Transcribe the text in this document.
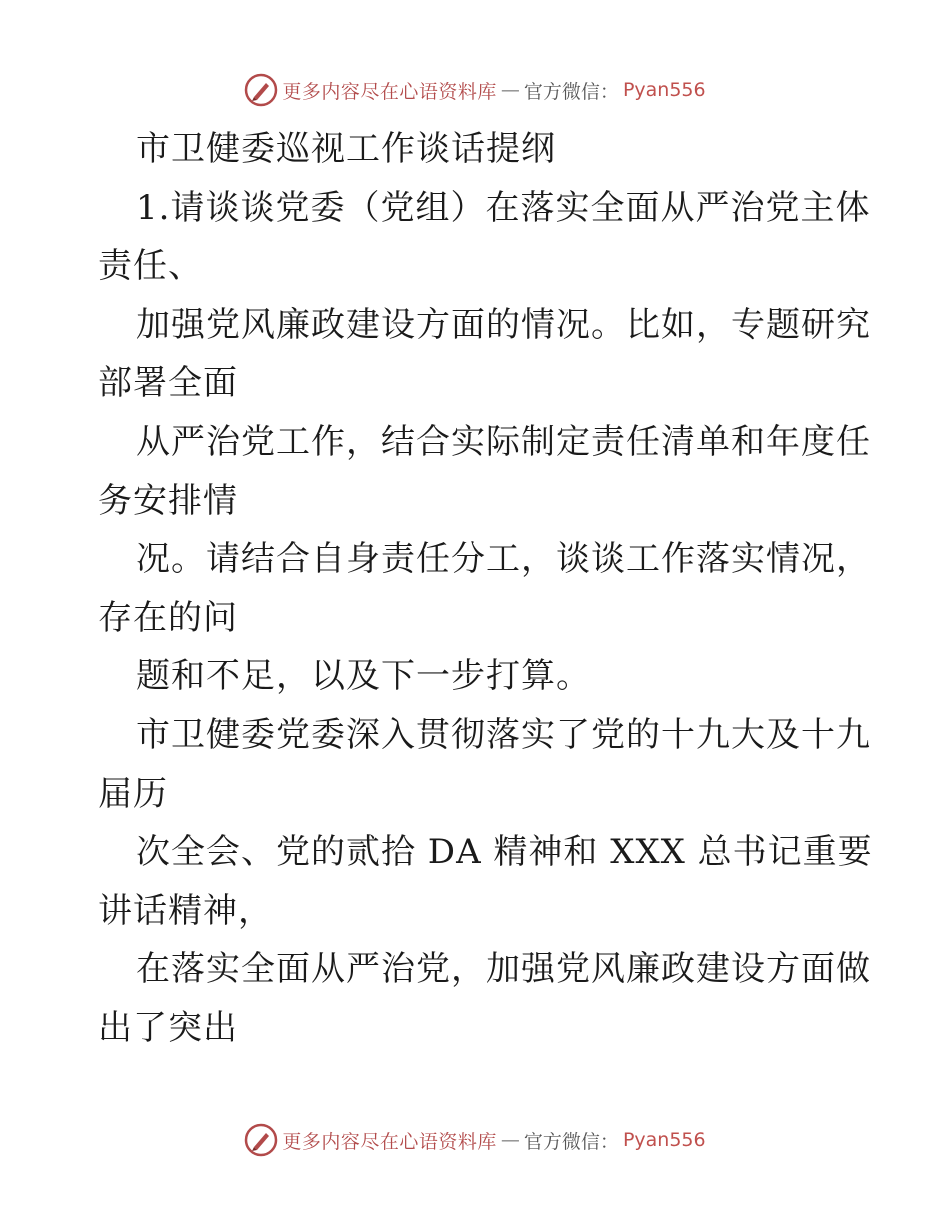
更多内容尽在心语资料库 — 官方微信： Pyan556
市卫健委巡视工作谈话提纲
1.请谈谈党委（党组）在落实全面从严治党主体
责任、
加强党风廉政建设方面的情况。比如，专题研究
部署全面
从严治党工作，结合实际制定责任清单和年度任
务安排情
况。请结合自身责任分工，谈谈工作落实情况，
存在的问
题和不足，以及下一步打算。
市卫健委党委深入贯彻落实了党的十九大及十九
届历
次全会、党的贰拾 DA 精神和 XXX 总书记重要
讲话精神，
在落实全面从严治党，加强党风廉政建设方面做
出了突出
更多内容尽在心语资料库 — 官方微信： Pyan556
